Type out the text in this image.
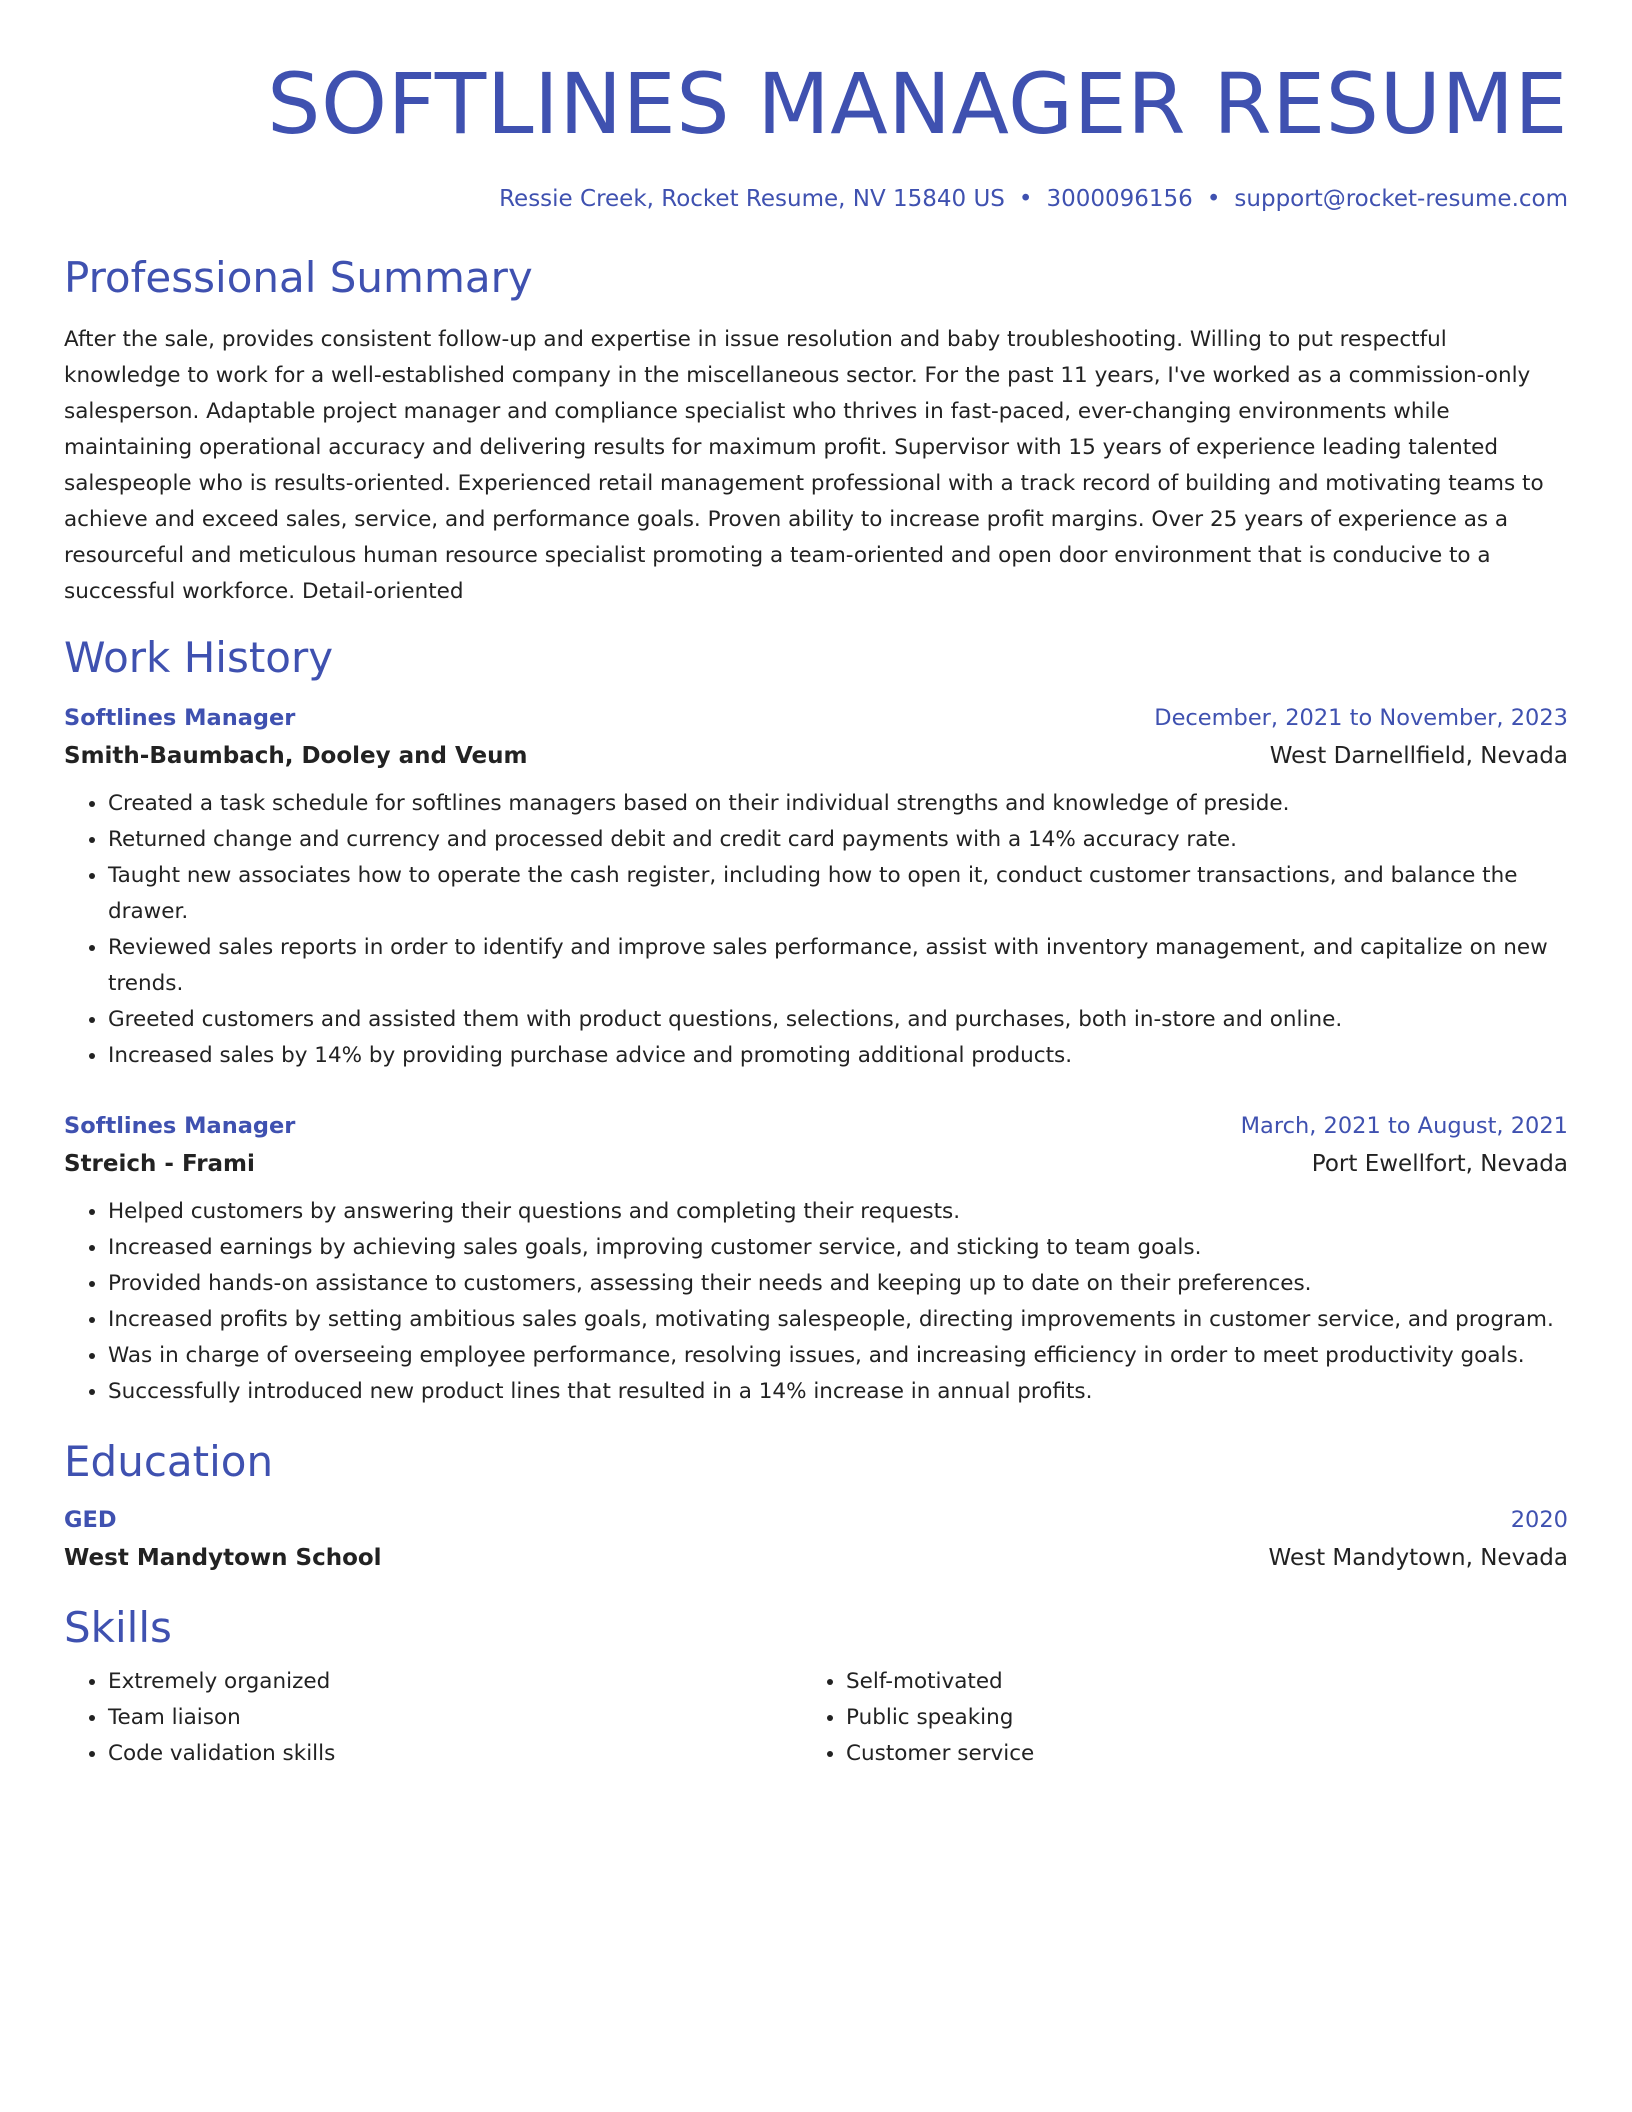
SOFTLINES MANAGER RESUME
Ressie Creek, Rocket Resume, NV 15840 US • 3000096156 • support@rocket-resume.com
Professional Summary

After the sale, provides consistent follow-up and expertise in issue resolution and baby troubleshooting. Willing to put respectful knowledge to work for a well-established company in the miscellaneous sector. For the past 11 years, I've worked as a commission-only salesperson. Adaptable project manager and compliance specialist who thrives in fast-paced, ever-changing environments while maintaining operational accuracy and delivering results for maximum profit. Supervisor with 15 years of experience leading talented salespeople who is results-oriented. Experienced retail management professional with a track record of building and motivating teams to achieve and exceed sales, service, and performance goals. Proven ability to increase profit margins. Over 25 years of experience as a resourceful and meticulous human resource specialist promoting a team-oriented and open door environment that is conducive to a successful workforce. Detail-oriented

Work History
Softlines Manager	December, 2021 to November, 2023
Smith-Baumbach, Dooley and Veum	West Darnellfield, Nevada
• Created a task schedule for softlines managers based on their individual strengths and knowledge of preside.
• Returned change and currency and processed debit and credit card payments with a 14% accuracy rate.
• Taught new associates how to operate the cash register, including how to open it, conduct customer transactions, and balance the drawer.
• Reviewed sales reports in order to identify and improve sales performance, assist with inventory management, and capitalize on new trends.
• Greeted customers and assisted them with product questions, selections, and purchases, both in-store and online.
• Increased sales by 14% by providing purchase advice and promoting additional products.
Softlines Manager	March, 2021 to August, 2021
Streich - Frami	Port Ewellfort, Nevada
• Helped customers by answering their questions and completing their requests.
• Increased earnings by achieving sales goals, improving customer service, and sticking to team goals.
• Provided hands-on assistance to customers, assessing their needs and keeping up to date on their preferences.
• Increased profits by setting ambitious sales goals, motivating salespeople, directing improvements in customer service, and program.
• Was in charge of overseeing employee performance, resolving issues, and increasing efficiency in order to meet productivity goals.
• Successfully introduced new product lines that resulted in a 14% increase in annual profits.
Education
GED	2020
West Mandytown School	West Mandytown, Nevada
Skills
• Extremely organized
• Team liaison
• Code validation skills
• Self-motivated
• Public speaking
• Customer service
